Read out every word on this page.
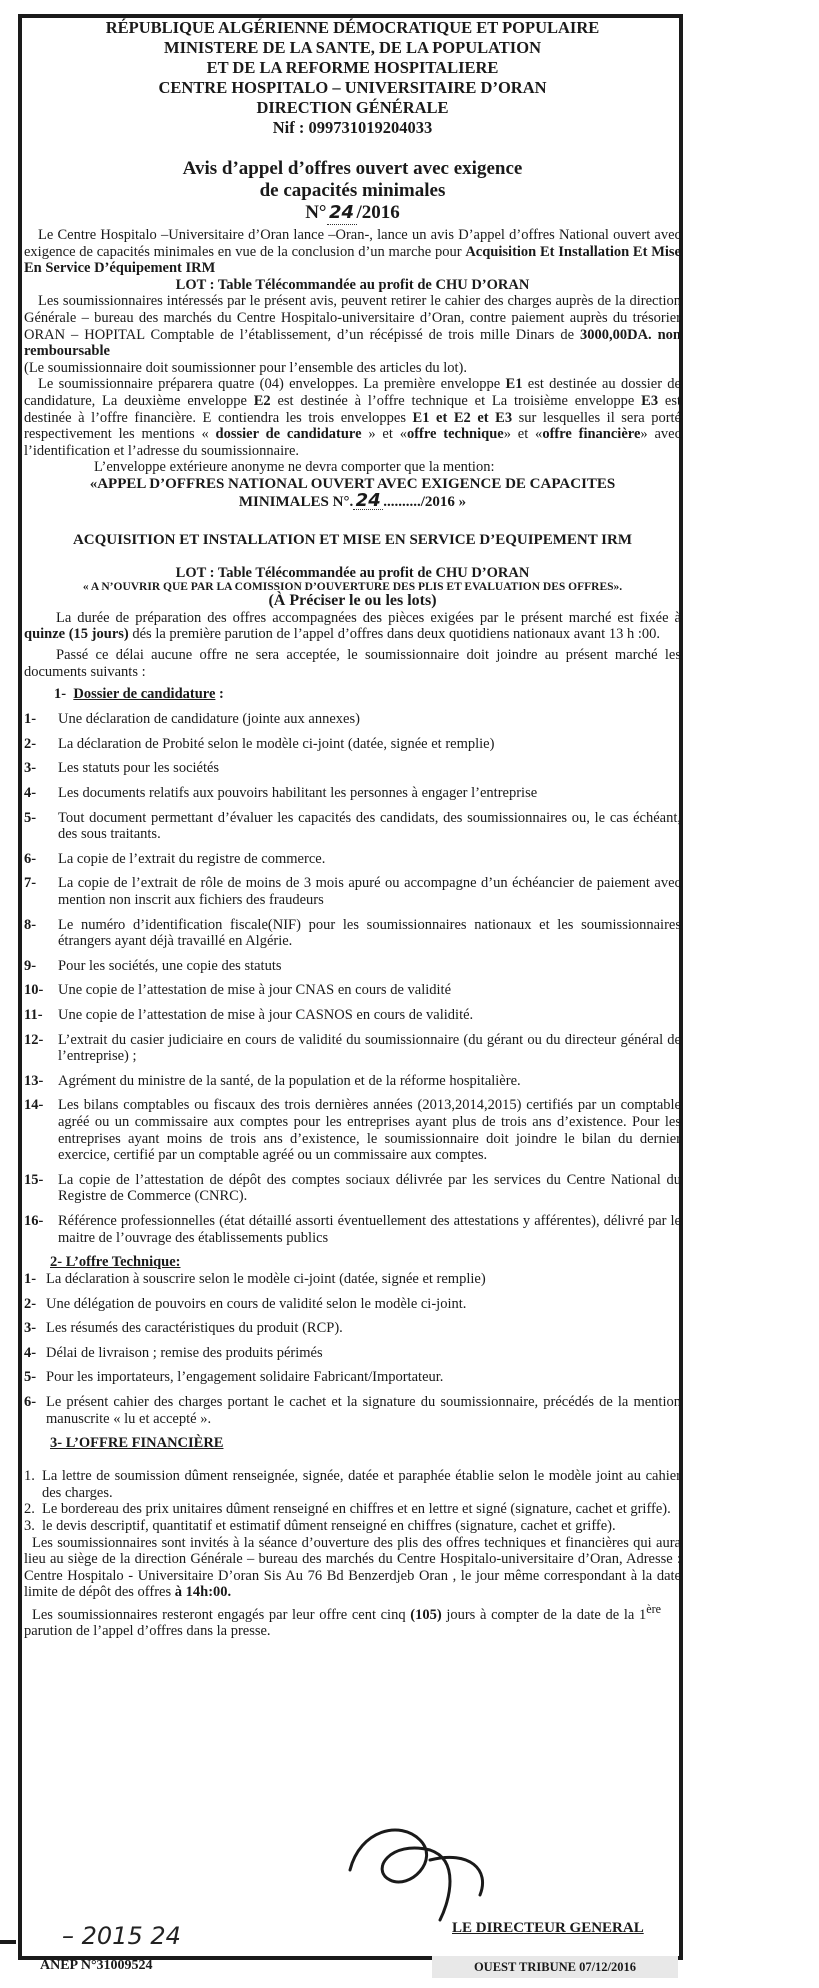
RÉPUBLIQUE ALGÉRIENNE DÉMOCRATIQUE ET POPULAIRE
MINISTERE DE LA SANTE, DE LA POPULATION
ET DE LA REFORME HOSPITALIERE
CENTRE HOSPITALO – UNIVERSITAIRE D’ORAN
DIRECTION GÉNÉRALE
Nif : 099731019204033
Avis d’appel d’offres ouvert avec exigence
de capacités minimales
N° 24 /2016

Le Centre Hospitalo –Universitaire d’Oran lance –Oran-, lance un avis D’appel d’offres National ouvert avec exigence de capacités minimales en vue de la conclusion d’un marche pour Acquisition Et Installation Et Mise En Service D’équipement IRM

LOT : Table Télécommandée au profit de CHU D’ORAN

Les soumissionnaires intéressés par le présent avis, peuvent retirer le cahier des charges auprès de la direction Générale – bureau des marchés du Centre Hospitalo-universitaire d’Oran, contre paiement auprès du trésorier ORAN – HOPITAL Comptable de l’établissement, d’un récépissé de trois mille Dinars de 3000,00DA. non remboursable

(Le soumissionnaire doit soumissionner pour l’ensemble des articles du lot).

Le soumissionnaire préparera quatre (04) enveloppes. La première enveloppe E1 est destinée au dossier de candidature, La deuxième enveloppe E2 est destinée à l’offre technique et La troisième enveloppe E3 est destinée à l’offre financière. E contiendra les trois enveloppes E1 et E2 et E3 sur lesquelles il sera porté respectivement les mentions « dossier de candidature » et «offre technique» et «offre financière» avec l’identification et l’adresse du soumissionnaire.

L’enveloppe extérieure anonyme ne devra comporter que la mention:
«APPEL D’OFFRES NATIONAL OUVERT AVEC EXIGENCE DE CAPACITES
MINIMALES N°. 24 ........../2016 »
ACQUISITION ET INSTALLATION ET MISE EN SERVICE D’EQUIPEMENT IRM
LOT : Table Télécommandée au profit de CHU D’ORAN
« A N’OUVRIR QUE PAR LA COMISSION D’OUVERTURE DES PLIS ET EVALUATION DES OFFRES».
(À Préciser le ou les lots)

La durée de préparation des offres accompagnées des pièces exigées par le présent marché est fixée à quinze (15 jours) dés la première parution de l’appel d’offres dans deux quotidiens nationaux avant 13 h :00.

Passé ce délai aucune offre ne sera acceptée, le soumissionnaire doit joindre au présent marché les documents suivants :

1- Dossier de candidature :
1-	Une déclaration de candidature (jointe aux annexes)
2-	La déclaration de Probité selon le modèle ci-joint (datée, signée et remplie)
3-	Les statuts pour les sociétés
4-	Les documents relatifs aux pouvoirs habilitant les personnes à engager l’entreprise
5-	Tout document permettant d’évaluer les capacités des candidats, des soumissionnaires ou, le cas échéant, des sous traitants.
6-	La copie de l’extrait du registre de commerce.
7-	La copie de l’extrait de rôle de moins de 3 mois apuré ou accompagne d’un échéancier de paiement avec mention non inscrit aux fichiers des fraudeurs
8-	Le numéro d’identification fiscale(NIF) pour les soumissionnaires nationaux et les soumissionnaires étrangers ayant déjà travaillé en Algérie.
9-	Pour les sociétés, une copie des statuts
10-	Une copie de l’attestation de mise à jour CNAS en cours de validité
11-	Une copie de l’attestation de mise à jour CASNOS en cours de validité.
12-	L’extrait du casier judiciaire en cours de validité du soumissionnaire (du gérant ou du directeur général de l’entreprise) ;
13-	Agrément du ministre de la santé, de la population et de la réforme hospitalière.
14-	Les bilans comptables ou fiscaux des trois dernières années (2013,2014,2015) certifiés par un comptable agréé ou un commissaire aux comptes pour les entreprises ayant plus de trois ans d’existence. Pour les entreprises ayant moins de trois ans d’existence, le soumissionnaire doit joindre le bilan du dernier exercice, certifié par un comptable agréé ou un commissaire aux comptes.
15-	La copie de l’attestation de dépôt des comptes sociaux délivrée par les services du Centre National du Registre de Commerce (CNRC).
16-	Référence professionnelles (état détaillé assorti éventuellement des attestations y afférentes), délivré par le maitre de l’ouvrage des établissements publics
2- L’offre Technique:
1- La déclaration à souscrire selon le modèle ci-joint (datée, signée et remplie)
2- Une délégation de pouvoirs en cours de validité selon le modèle ci-joint.
3- Les résumés des caractéristiques du produit (RCP).
4- Délai de livraison ; remise des produits périmés
5- Pour les importateurs, l’engagement solidaire Fabricant/Importateur.
6- Le présent cahier des charges portant le cachet et la signature du soumissionnaire, précédés de la mention manuscrite « lu et accepté ».
3- L’OFFRE FINANCIÈRE
1. La lettre de soumission dûment renseignée, signée, datée et paraphée établie selon le modèle joint au cahier des charges.
2. Le bordereau des prix unitaires dûment renseigné en chiffres et en lettre et signé (signature, cachet et griffe).
3. le devis descriptif, quantitatif et estimatif dûment renseigné en chiffres (signature, cachet et griffe).

Les soumissionnaires sont invités à la séance d’ouverture des plis des offres techniques et financières qui aura lieu au siège de la direction Générale – bureau des marchés du Centre Hospitalo-universitaire d’Oran, Adresse : Centre Hospitalo - Universitaire D’oran Sis Au 76 Bd Benzerdjeb Oran , le jour même correspondant à la date limite de dépôt des offres à 14h:00.

Les soumissionnaires resteront engagés par leur offre cent cinq (105) jours à compter de la date de la 1ère parution de l’appel d’offres dans la presse.

LE DIRECTEUR GENERAL
– 2015 24
ANEP N°31009524	OUEST TRIBUNE 07/12/2016
